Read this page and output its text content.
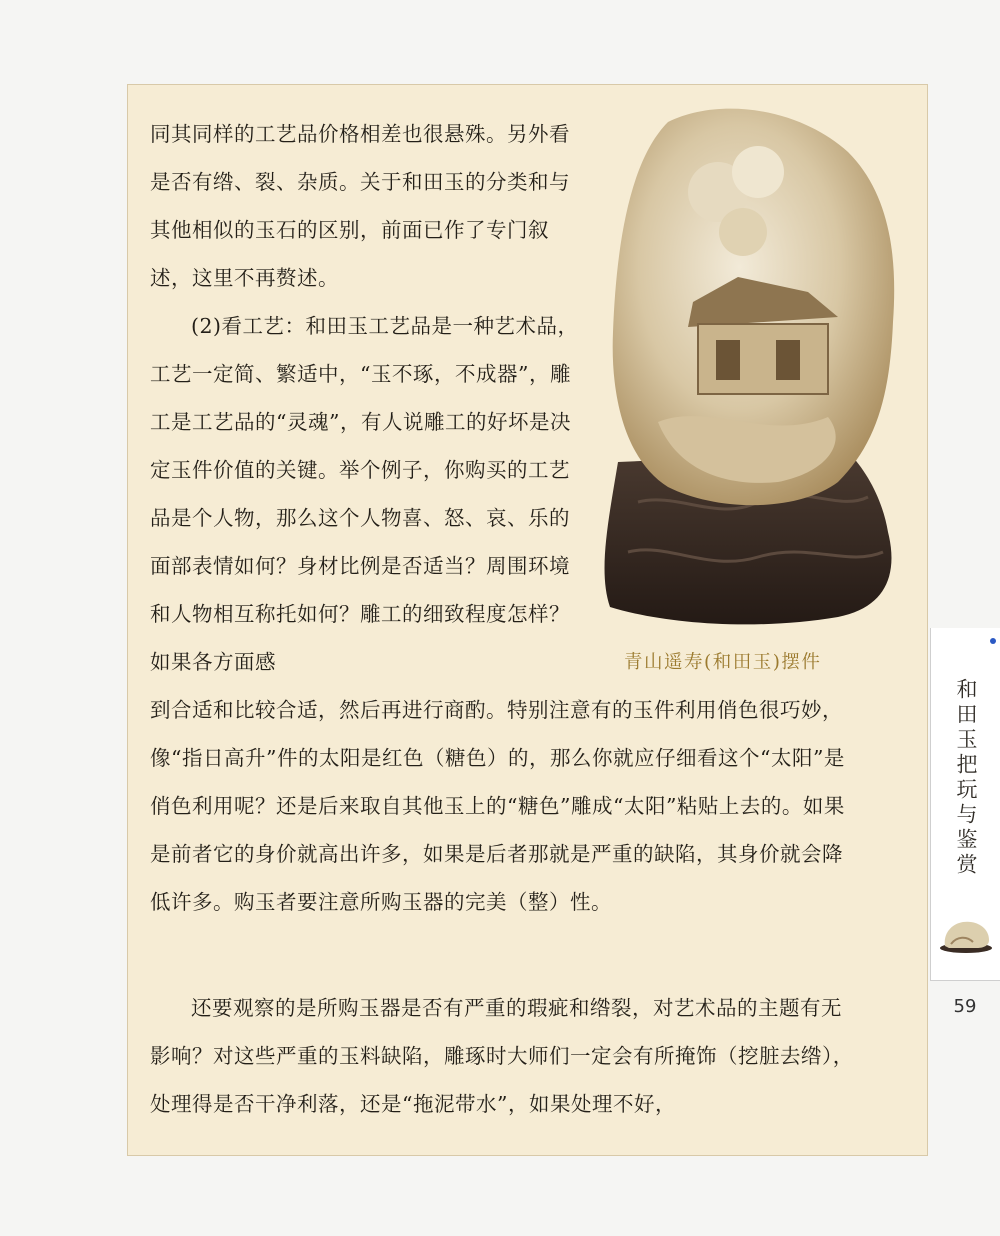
同其同样的工艺品价格相差也很悬殊。另外看是否有绺、裂、杂质。关于和田玉的分类和与其他相似的玉石的区别，前面已作了专门叙述，这里不再赘述。

(2)看工艺：和田玉工艺品是一种艺术品，工艺一定简、繁适中，“玉不琢，不成器”，雕工是工艺品的“灵魂”，有人说雕工的好坏是决定玉件价值的关键。举个例子，你购买的工艺品是个人物，那么这个人物喜、怒、哀、乐的面部表情如何？身材比例是否适当？周围环境和人物相互称托如何？雕工的细致程度怎样？如果各方面感

到合适和比较合适，然后再进行商酌。特别注意有的玉件利用俏色很巧妙，像“指日高升”件的太阳是红色（糖色）的，那么你就应仔细看这个“太阳”是俏色利用呢？还是后来取自其他玉上的“糖色”雕成“太阳”粘贴上去的。如果是前者它的身价就高出许多，如果是后者那就是严重的缺陷，其身价就会降低许多。购玉者要注意所购玉器的完美（整）性。

还要观察的是所购玉器是否有严重的瑕疵和绺裂，对艺术品的主题有无影响？对这些严重的玉料缺陷，雕琢时大师们一定会有所掩饰（挖脏去绺），处理得是否干净利落，还是“拖泥带水”，如果处理不好，

青山遥寿(和田玉)摆件
和田玉把玩与鉴赏
59
